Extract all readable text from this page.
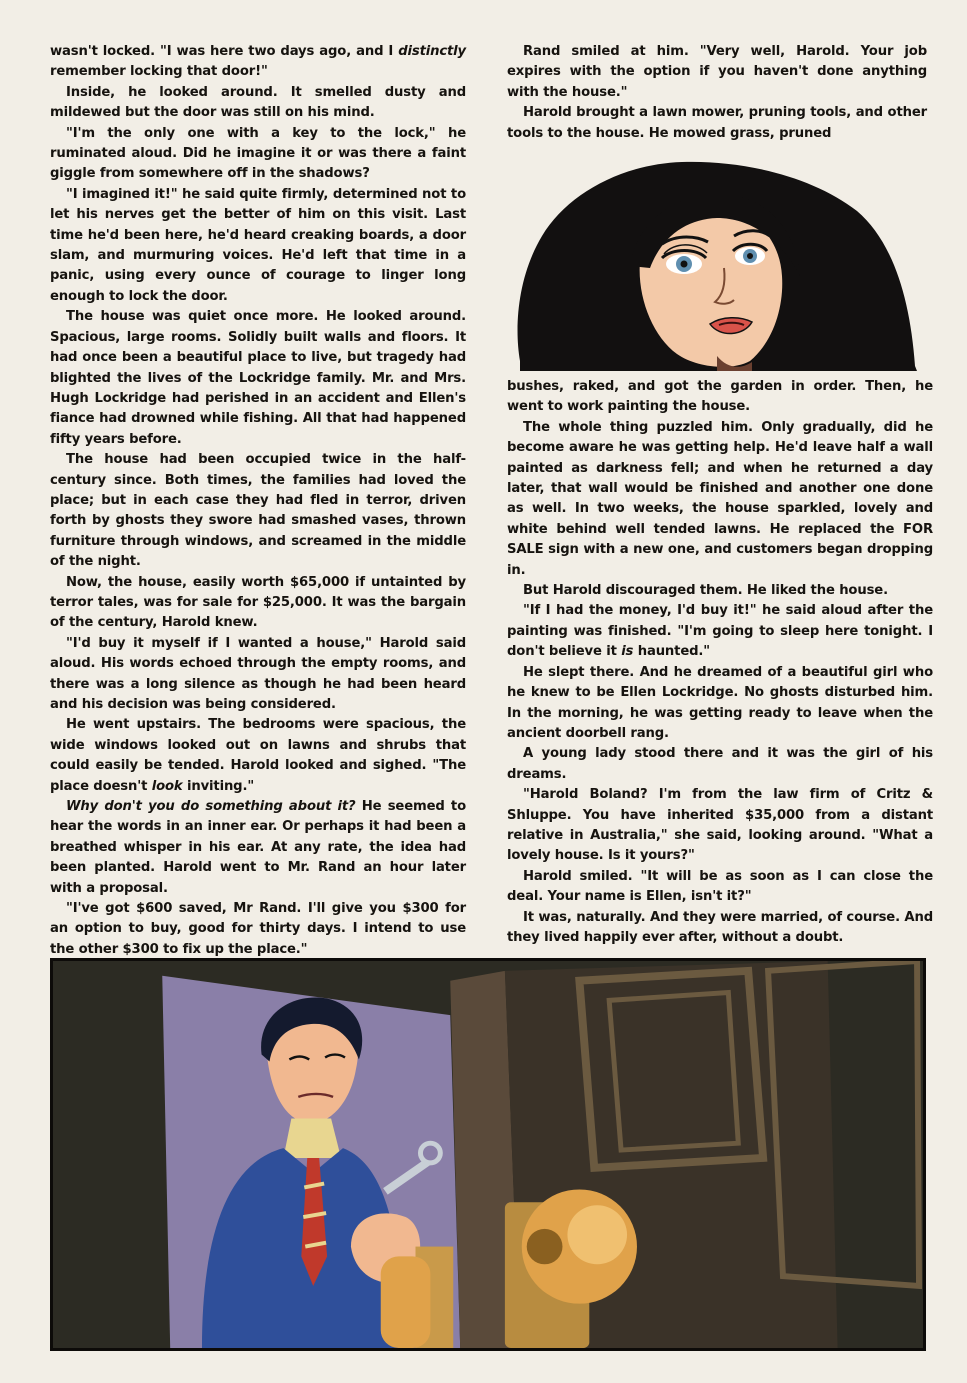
wasn't locked. "I was here two days ago, and I distinctly remember locking that door!"

Inside, he looked around. It smelled dusty and mildewed but the door was still on his mind.

"I'm the only one with a key to the lock," he ruminated aloud. Did he imagine it or was there a faint giggle from somewhere off in the shadows?

"I imagined it!" he said quite firmly, determined not to let his nerves get the better of him on this visit. Last time he'd been here, he'd heard creaking boards, a door slam, and murmuring voices. He'd left that time in a panic, using every ounce of courage to linger long enough to lock the door.

The house was quiet once more. He looked around. Spacious, large rooms. Solidly built walls and floors. It had once been a beautiful place to live, but tragedy had blighted the lives of the Lockridge family. Mr. and Mrs. Hugh Lockridge had perished in an accident and Ellen's fiance had drowned while fishing. All that had happened fifty years before.

The house had been occupied twice in the half-century since. Both times, the families had loved the place; but in each case they had fled in terror, driven forth by ghosts they swore had smashed vases, thrown furniture through windows, and screamed in the middle of the night.

Now, the house, easily worth $65,000 if untainted by terror tales, was for sale for $25,000. It was the bargain of the century, Harold knew.

"I'd buy it myself if I wanted a house," Harold said aloud. His words echoed through the empty rooms, and there was a long silence as though he had been heard and his decision was being considered.

He went upstairs. The bedrooms were spacious, the wide windows looked out on lawns and shrubs that could easily be tended. Harold looked and sighed. "The place doesn't look inviting."

Why don't you do something about it? He seemed to hear the words in an inner ear. Or perhaps it had been a breathed whisper in his ear. At any rate, the idea had been planted. Harold went to Mr. Rand an hour later with a proposal.

"I've got $600 saved, Mr Rand. I'll give you $300 for an option to buy, good for thirty days. I intend to use the other $300 to fix up the place."

Rand smiled at him. "Very well, Harold. Your job expires with the option if you haven't done anything with the house."

Harold brought a lawn mower, pruning tools, and other tools to the house. He mowed grass, pruned

bushes, raked, and got the garden in order. Then, he went to work painting the house.

The whole thing puzzled him. Only gradually, did he become aware he was getting help. He'd leave half a wall painted as darkness fell; and when he returned a day later, that wall would be finished and another one done as well. In two weeks, the house sparkled, lovely and white behind well tended lawns. He replaced the FOR SALE sign with a new one, and customers began dropping in.

But Harold discouraged them. He liked the house.

"If I had the money, I'd buy it!" he said aloud after the painting was finished. "I'm going to sleep here tonight. I don't believe it is haunted."

He slept there. And he dreamed of a beautiful girl who he knew to be Ellen Lockridge. No ghosts disturbed him. In the morning, he was getting ready to leave when the ancient doorbell rang.

A young lady stood there and it was the girl of his dreams.

"Harold Boland? I'm from the law firm of Critz & Shluppe. You have inherited $35,000 from a distant relative in Australia," she said, looking around. "What a lovely house. Is it yours?"

Harold smiled. "It will be as soon as I can close the deal. Your name is Ellen, isn't it?"

It was, naturally. And they were married, of course. And they lived happily ever after, without a doubt.
